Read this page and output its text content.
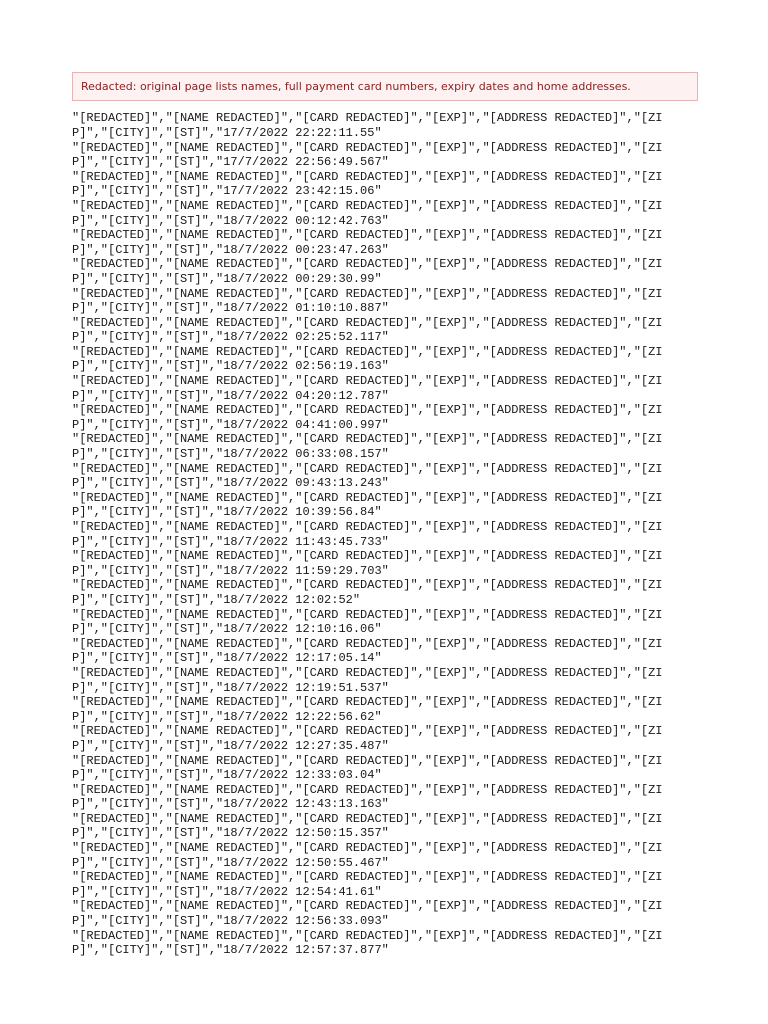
Redacted: original page lists names, full payment card numbers, expiry dates and home addresses.
"[REDACTED]","[NAME REDACTED]","[CARD REDACTED]","[EXP]","[ADDRESS REDACTED]","[ZIP]","[CITY]","[ST]","17/7/2022 22:22:11.55"
"[REDACTED]","[NAME REDACTED]","[CARD REDACTED]","[EXP]","[ADDRESS REDACTED]","[ZIP]","[CITY]","[ST]","17/7/2022 22:56:49.567"
"[REDACTED]","[NAME REDACTED]","[CARD REDACTED]","[EXP]","[ADDRESS REDACTED]","[ZIP]","[CITY]","[ST]","17/7/2022 23:42:15.06"
"[REDACTED]","[NAME REDACTED]","[CARD REDACTED]","[EXP]","[ADDRESS REDACTED]","[ZIP]","[CITY]","[ST]","18/7/2022 00:12:42.763"
"[REDACTED]","[NAME REDACTED]","[CARD REDACTED]","[EXP]","[ADDRESS REDACTED]","[ZIP]","[CITY]","[ST]","18/7/2022 00:23:47.263"
"[REDACTED]","[NAME REDACTED]","[CARD REDACTED]","[EXP]","[ADDRESS REDACTED]","[ZIP]","[CITY]","[ST]","18/7/2022 00:29:30.99"
"[REDACTED]","[NAME REDACTED]","[CARD REDACTED]","[EXP]","[ADDRESS REDACTED]","[ZIP]","[CITY]","[ST]","18/7/2022 01:10:10.887"
"[REDACTED]","[NAME REDACTED]","[CARD REDACTED]","[EXP]","[ADDRESS REDACTED]","[ZIP]","[CITY]","[ST]","18/7/2022 02:25:52.117"
"[REDACTED]","[NAME REDACTED]","[CARD REDACTED]","[EXP]","[ADDRESS REDACTED]","[ZIP]","[CITY]","[ST]","18/7/2022 02:56:19.163"
"[REDACTED]","[NAME REDACTED]","[CARD REDACTED]","[EXP]","[ADDRESS REDACTED]","[ZIP]","[CITY]","[ST]","18/7/2022 04:20:12.787"
"[REDACTED]","[NAME REDACTED]","[CARD REDACTED]","[EXP]","[ADDRESS REDACTED]","[ZIP]","[CITY]","[ST]","18/7/2022 04:41:00.997"
"[REDACTED]","[NAME REDACTED]","[CARD REDACTED]","[EXP]","[ADDRESS REDACTED]","[ZIP]","[CITY]","[ST]","18/7/2022 06:33:08.157"
"[REDACTED]","[NAME REDACTED]","[CARD REDACTED]","[EXP]","[ADDRESS REDACTED]","[ZIP]","[CITY]","[ST]","18/7/2022 09:43:13.243"
"[REDACTED]","[NAME REDACTED]","[CARD REDACTED]","[EXP]","[ADDRESS REDACTED]","[ZIP]","[CITY]","[ST]","18/7/2022 10:39:56.84"
"[REDACTED]","[NAME REDACTED]","[CARD REDACTED]","[EXP]","[ADDRESS REDACTED]","[ZIP]","[CITY]","[ST]","18/7/2022 11:43:45.733"
"[REDACTED]","[NAME REDACTED]","[CARD REDACTED]","[EXP]","[ADDRESS REDACTED]","[ZIP]","[CITY]","[ST]","18/7/2022 11:59:29.703"
"[REDACTED]","[NAME REDACTED]","[CARD REDACTED]","[EXP]","[ADDRESS REDACTED]","[ZIP]","[CITY]","[ST]","18/7/2022 12:02:52"
"[REDACTED]","[NAME REDACTED]","[CARD REDACTED]","[EXP]","[ADDRESS REDACTED]","[ZIP]","[CITY]","[ST]","18/7/2022 12:10:16.06"
"[REDACTED]","[NAME REDACTED]","[CARD REDACTED]","[EXP]","[ADDRESS REDACTED]","[ZIP]","[CITY]","[ST]","18/7/2022 12:17:05.14"
"[REDACTED]","[NAME REDACTED]","[CARD REDACTED]","[EXP]","[ADDRESS REDACTED]","[ZIP]","[CITY]","[ST]","18/7/2022 12:19:51.537"
"[REDACTED]","[NAME REDACTED]","[CARD REDACTED]","[EXP]","[ADDRESS REDACTED]","[ZIP]","[CITY]","[ST]","18/7/2022 12:22:56.62"
"[REDACTED]","[NAME REDACTED]","[CARD REDACTED]","[EXP]","[ADDRESS REDACTED]","[ZIP]","[CITY]","[ST]","18/7/2022 12:27:35.487"
"[REDACTED]","[NAME REDACTED]","[CARD REDACTED]","[EXP]","[ADDRESS REDACTED]","[ZIP]","[CITY]","[ST]","18/7/2022 12:33:03.04"
"[REDACTED]","[NAME REDACTED]","[CARD REDACTED]","[EXP]","[ADDRESS REDACTED]","[ZIP]","[CITY]","[ST]","18/7/2022 12:43:13.163"
"[REDACTED]","[NAME REDACTED]","[CARD REDACTED]","[EXP]","[ADDRESS REDACTED]","[ZIP]","[CITY]","[ST]","18/7/2022 12:50:15.357"
"[REDACTED]","[NAME REDACTED]","[CARD REDACTED]","[EXP]","[ADDRESS REDACTED]","[ZIP]","[CITY]","[ST]","18/7/2022 12:50:55.467"
"[REDACTED]","[NAME REDACTED]","[CARD REDACTED]","[EXP]","[ADDRESS REDACTED]","[ZIP]","[CITY]","[ST]","18/7/2022 12:54:41.61"
"[REDACTED]","[NAME REDACTED]","[CARD REDACTED]","[EXP]","[ADDRESS REDACTED]","[ZIP]","[CITY]","[ST]","18/7/2022 12:56:33.093"
"[REDACTED]","[NAME REDACTED]","[CARD REDACTED]","[EXP]","[ADDRESS REDACTED]","[ZIP]","[CITY]","[ST]","18/7/2022 12:57:37.877"
